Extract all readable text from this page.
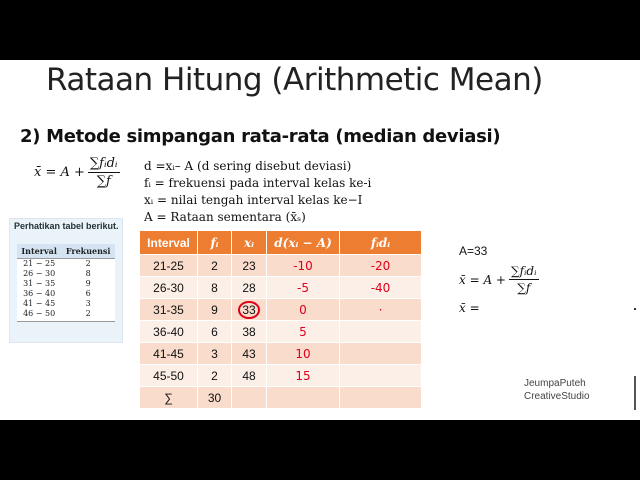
Rataan Hitung (Arithmetic Mean)
2) Metode simpangan rata-rata (median deviasi)
x̄ = $A + \frac{\text{∑fᵢdᵢ}}{\sum f}$ d =xᵢ– A (d sering disebut deviasi)
fᵢ = frekuensi pada interval kelas ke-i
xᵢ = nilai tengah interval kelas ke−I
A = Rataan sementara (x̄ₛ)
Perhatikan tabel berikut.
Interval	Frekuensi
21 − 25	2
26 − 30	8
31 − 35	9
36 − 40	6
41 − 45	3
46 − 50	2
Interval	fᵢ	xᵢ	d(xᵢ − A)	fᵢdᵢ
21-25	2	23	-10	-20
26-30	8	28	-5	-40
31-35	9	33	0	·
36-40	6	38	5	
41-45	3	43	10	
45-50	2	48	15	
∑	30			
A=33
x̄ = $A + \frac{\text{∑fᵢdᵢ}}{\sum f}$
x̄ =
JeumpaPuteh
CreativeStudio
